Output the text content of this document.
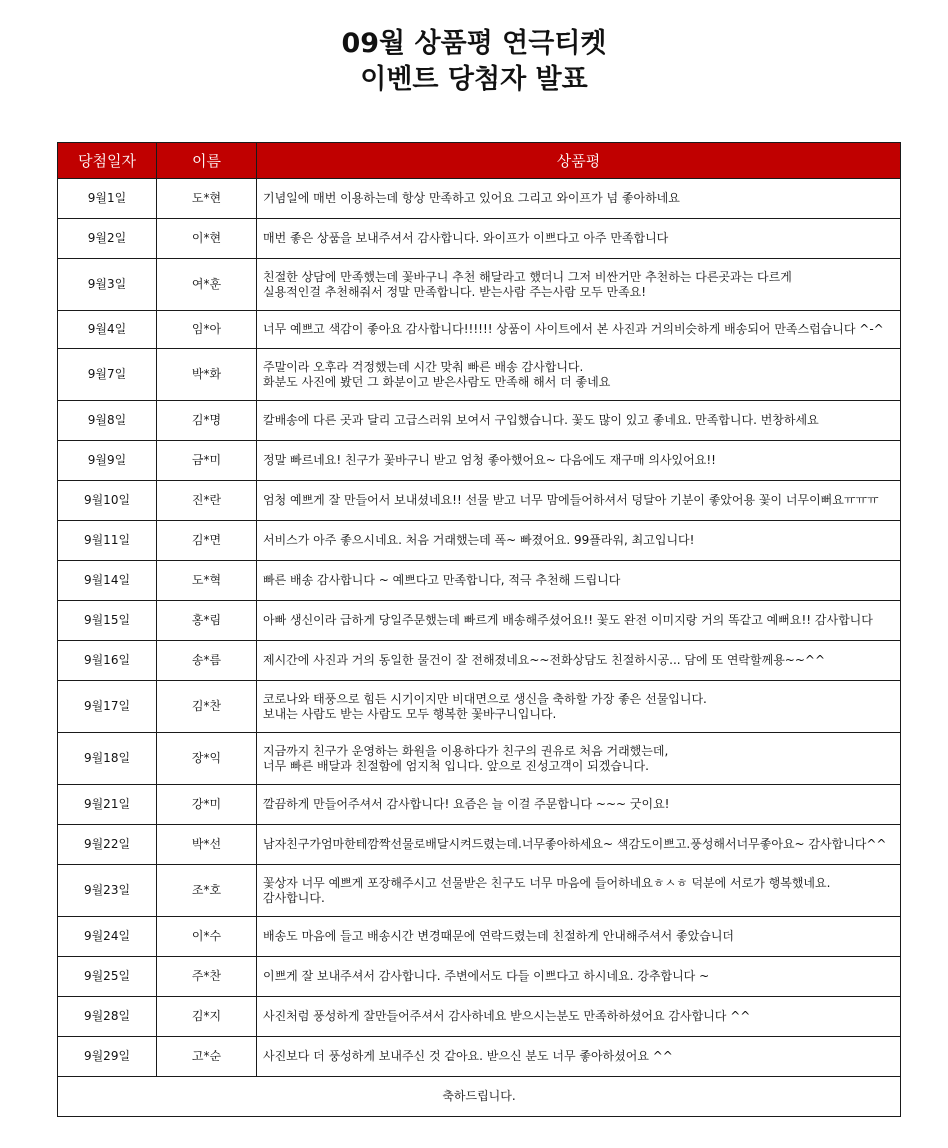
09월 상품평 연극티켓
이벤트 당첨자 발표
당첨일자	이름	상품평
9월1일	도*현	기념일에 매번 이용하는데 항상 만족하고 있어요 그리고 와이프가 넘 좋아하네요
9월2일	이*현	매번 좋은 상품을 보내주셔서 감사합니다. 와이프가 이쁘다고 아주 만족합니다
9월3일	여*훈	친절한 상담에 만족했는데 꽃바구니 추천 해달라고 했더니 그저 비싼거만 추천하는 다른곳과는 다르게
실용적인걸 추천해줘서 정말 만족합니다. 받는사람 주는사람 모두 만족요!
9월4일	임*아	너무 예쁘고 색감이 좋아요 감사합니다!!!!!! 상품이 사이트에서 본 사진과 거의비슷하게 배송되어 만족스럽습니다 ^-^
9월7일	박*화	주말이라 오후라 걱정했는데 시간 맞춰 빠른 배송 감사합니다.
화분도 사진에 봤던 그 화분이고 받은사람도 만족해 해서 더 좋네요
9월8일	김*명	칼배송에 다른 곳과 달리 고급스러워 보여서 구입했습니다. 꽃도 많이 있고 좋네요. 만족합니다. 번창하세요
9월9일	금*미	정말 빠르네요! 친구가 꽃바구니 받고 엄청 좋아했어요~ 다음에도 재구매 의사있어요!!
9월10일	진*란	엄청 예쁘게 잘 만들어서 보내셨네요!! 선물 받고 너무 맘에들어하셔서 덩달아 기분이 좋았어용 꽃이 너무이뻐요ㅠㅠㅠ
9월11일	김*면	서비스가 아주 좋으시네요. 처음 거래했는데 폭~ 빠졌어요. 99플라워, 최고입니다!
9월14일	도*혁	빠른 배송 감사합니다 ~ 예쁘다고 만족합니다, 적극 추천해 드립니다
9월15일	홍*림	아빠 생신이라 급하게 당일주문했는데 빠르게 배송해주셨어요!! 꽃도 완전 이미지랑 거의 똑같고 예뻐요!! 감사합니다
9월16일	송*름	제시간에 사진과 거의 동일한 물건이 잘 전해졌네요~~전화상담도 친절하시공... 담에 또 연락할께용~~^^
9월17일	김*찬	코로나와 태풍으로 힘든 시기이지만 비대면으로 생신을 축하할 가장 좋은 선물입니다.
보내는 사람도 받는 사람도 모두 행복한 꽃바구니입니다.
9월18일	장*익	지금까지 친구가 운영하는 화원을 이용하다가 친구의 권유로 처음 거래했는데,
너무 빠른 배달과 친절함에 엄지척 입니다. 앞으로 진성고객이 되겠습니다.
9월21일	강*미	깔끔하게 만들어주셔서 감사합니다! 요즘은 늘 이걸 주문합니다 ~~~ 굿이요!
9월22일	박*선	남자친구가엄마한테깜짝선물로배달시켜드렸는데.너무좋아하세요~ 색감도이쁘고.풍성해서너무좋아요~ 감사합니다^^
9월23일	조*호	꽃상자 너무 예쁘게 포장해주시고 선물받은 친구도 너무 마음에 들어하네요ㅎㅅㅎ 덕분에 서로가 행복했네요.
감사합니다.
9월24일	이*수	배송도 마음에 들고 배송시간 변경때문에 연락드렸는데 친절하게 안내해주셔서 좋았습니더
9월25일	주*찬	이쁘게 잘 보내주셔서 감사합니다. 주변에서도 다들 이쁘다고 하시네요. 강추합니다 ~
9월28일	김*지	사진처럼 풍성하게 잘만들어주셔서 감사하네요 받으시는분도 만족하하셨어요 감사합니다 ^^
9월29일	고*순	사진보다 더 풍성하게 보내주신 것 같아요. 받으신 분도 너무 좋아하셨어요 ^^
축하드립니다.		
